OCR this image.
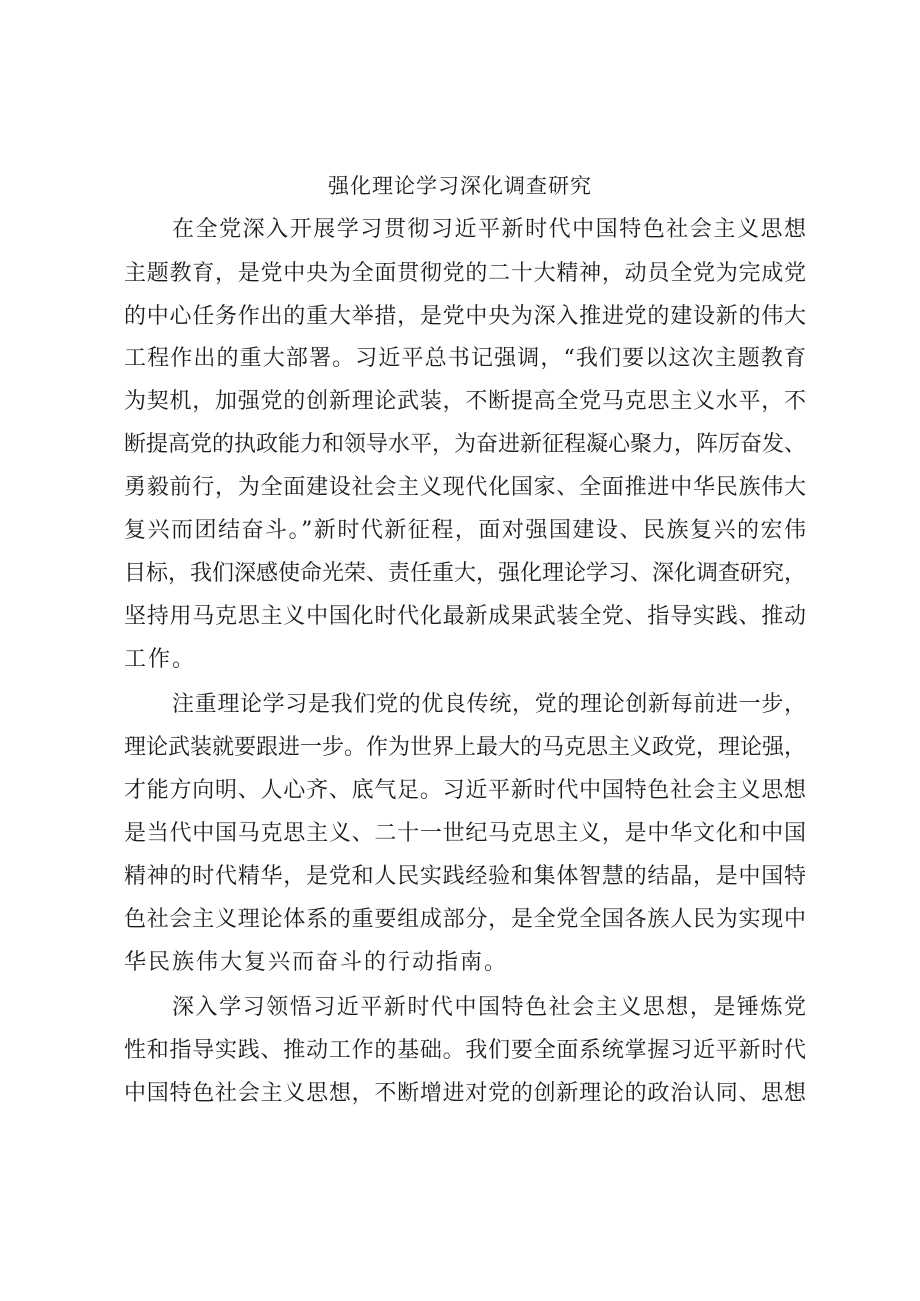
强化理论学习深化调查研究
在全党深入开展学习贯彻习近平新时代中国特色社会主义思想
主题教育，是党中央为全面贯彻党的二十大精神，动员全党为完成党
的中心任务作出的重大举措，是党中央为深入推进党的建设新的伟大
工程作出的重大部署。习近平总书记强调，“我们要以这次主题教育
为契机，加强党的创新理论武装，不断提高全党马克思主义水平，不
断提高党的执政能力和领导水平，为奋进新征程凝心聚力，阵厉奋发、
勇毅前行，为全面建设社会主义现代化国家、全面推进中华民族伟大
复兴而团结奋斗。”新时代新征程，面对强国建设、民族复兴的宏伟
目标，我们深感使命光荣、责任重大，强化理论学习、深化调查研究，
坚持用马克思主义中国化时代化最新成果武装全党、指导实践、推动
工作。
注重理论学习是我们党的优良传统，党的理论创新每前进一步，
理论武装就要跟进一步。作为世界上最大的马克思主义政党，理论强，
才能方向明、人心齐、底气足。习近平新时代中国特色社会主义思想
是当代中国马克思主义、二十一世纪马克思主义，是中华文化和中国
精神的时代精华，是党和人民实践经验和集体智慧的结晶，是中国特
色社会主义理论体系的重要组成部分，是全党全国各族人民为实现中
华民族伟大复兴而奋斗的行动指南。
深入学习领悟习近平新时代中国特色社会主义思想，是锤炼党
性和指导实践、推动工作的基础。我们要全面系统掌握习近平新时代
中国特色社会主义思想，不断增进对党的创新理论的政治认同、思想
